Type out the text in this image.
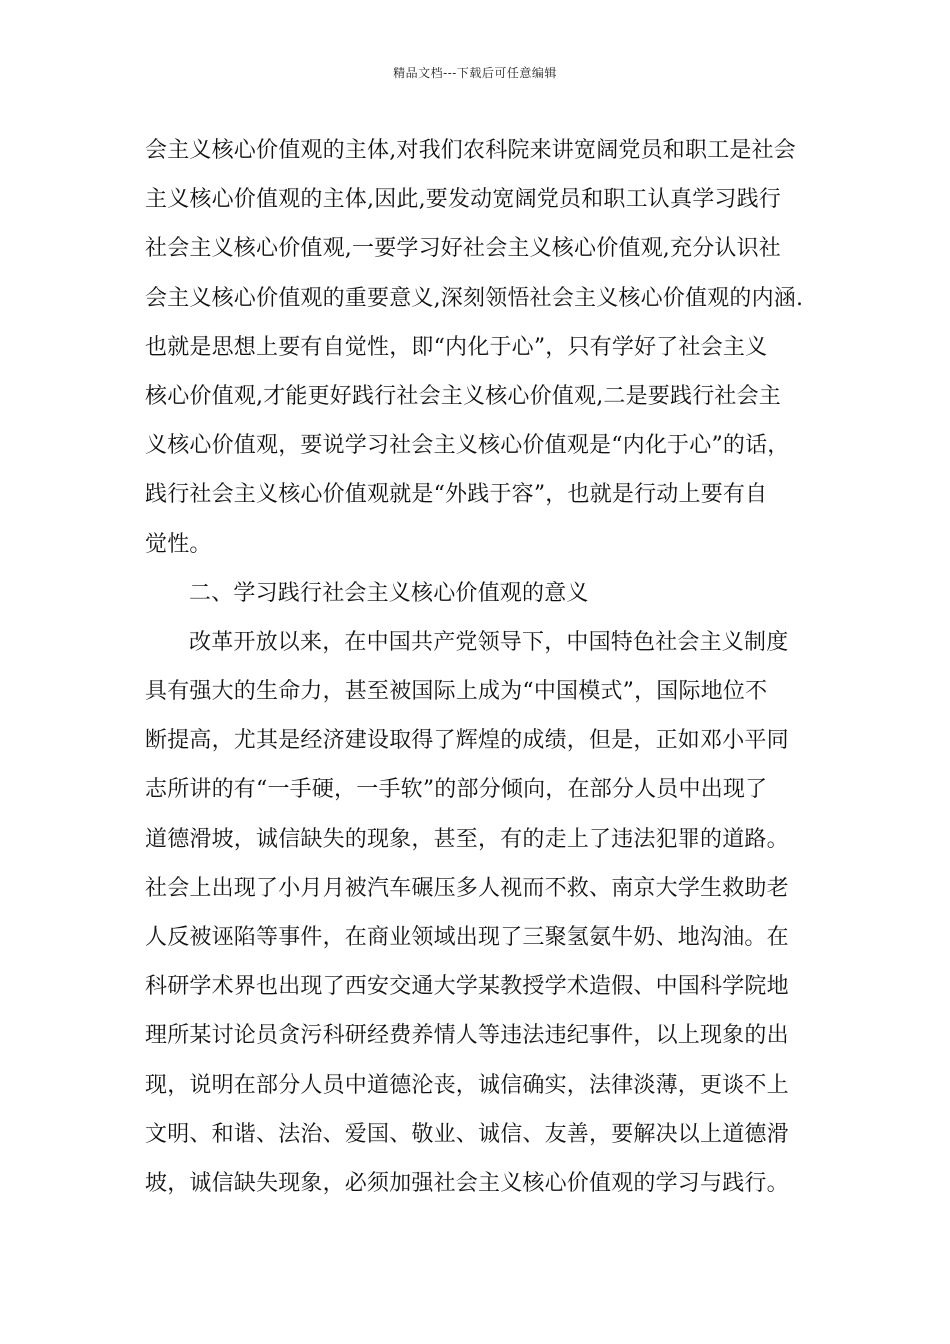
精品文档---下载后可任意编辑
会主义核心价值观的主体,对我们农科院来讲宽阔党员和职工是社会
主义核心价值观的主体,因此,要发动宽阔党员和职工认真学习践行
社会主义核心价值观,一要学习好社会主义核心价值观,充分认识社
会主义核心价值观的重要意义,深刻领悟社会主义核心价值观的内涵.
也就是思想上要有自觉性，即“内化于心”，只有学好了社会主义
核心价值观,才能更好践行社会主义核心价值观,二是要践行社会主
义核心价值观，要说学习社会主义核心价值观是“内化于心”的话，
践行社会主义核心价值观就是“外践于容”，也就是行动上要有自
觉性。
二、学习践行社会主义核心价值观的意义
改革开放以来，在中国共产党领导下，中国特色社会主义制度
具有强大的生命力，甚至被国际上成为“中国模式”，国际地位不
断提高，尤其是经济建设取得了辉煌的成绩，但是，正如邓小平同
志所讲的有“一手硬，一手软”的部分倾向，在部分人员中出现了
道德滑坡，诚信缺失的现象，甚至，有的走上了违法犯罪的道路。
社会上出现了小月月被汽车碾压多人视而不救、南京大学生救助老
人反被诬陷等事件，在商业领域出现了三聚氢氨牛奶、地沟油。在
科研学术界也出现了西安交通大学某教授学术造假、中国科学院地
理所某讨论员贪污科研经费养情人等违法违纪事件，以上现象的出
现，说明在部分人员中道德沦丧，诚信确实，法律淡薄，更谈不上
文明、和谐、法治、爱国、敬业、诚信、友善，要解决以上道德滑
坡，诚信缺失现象，必须加强社会主义核心价值观的学习与践行。
